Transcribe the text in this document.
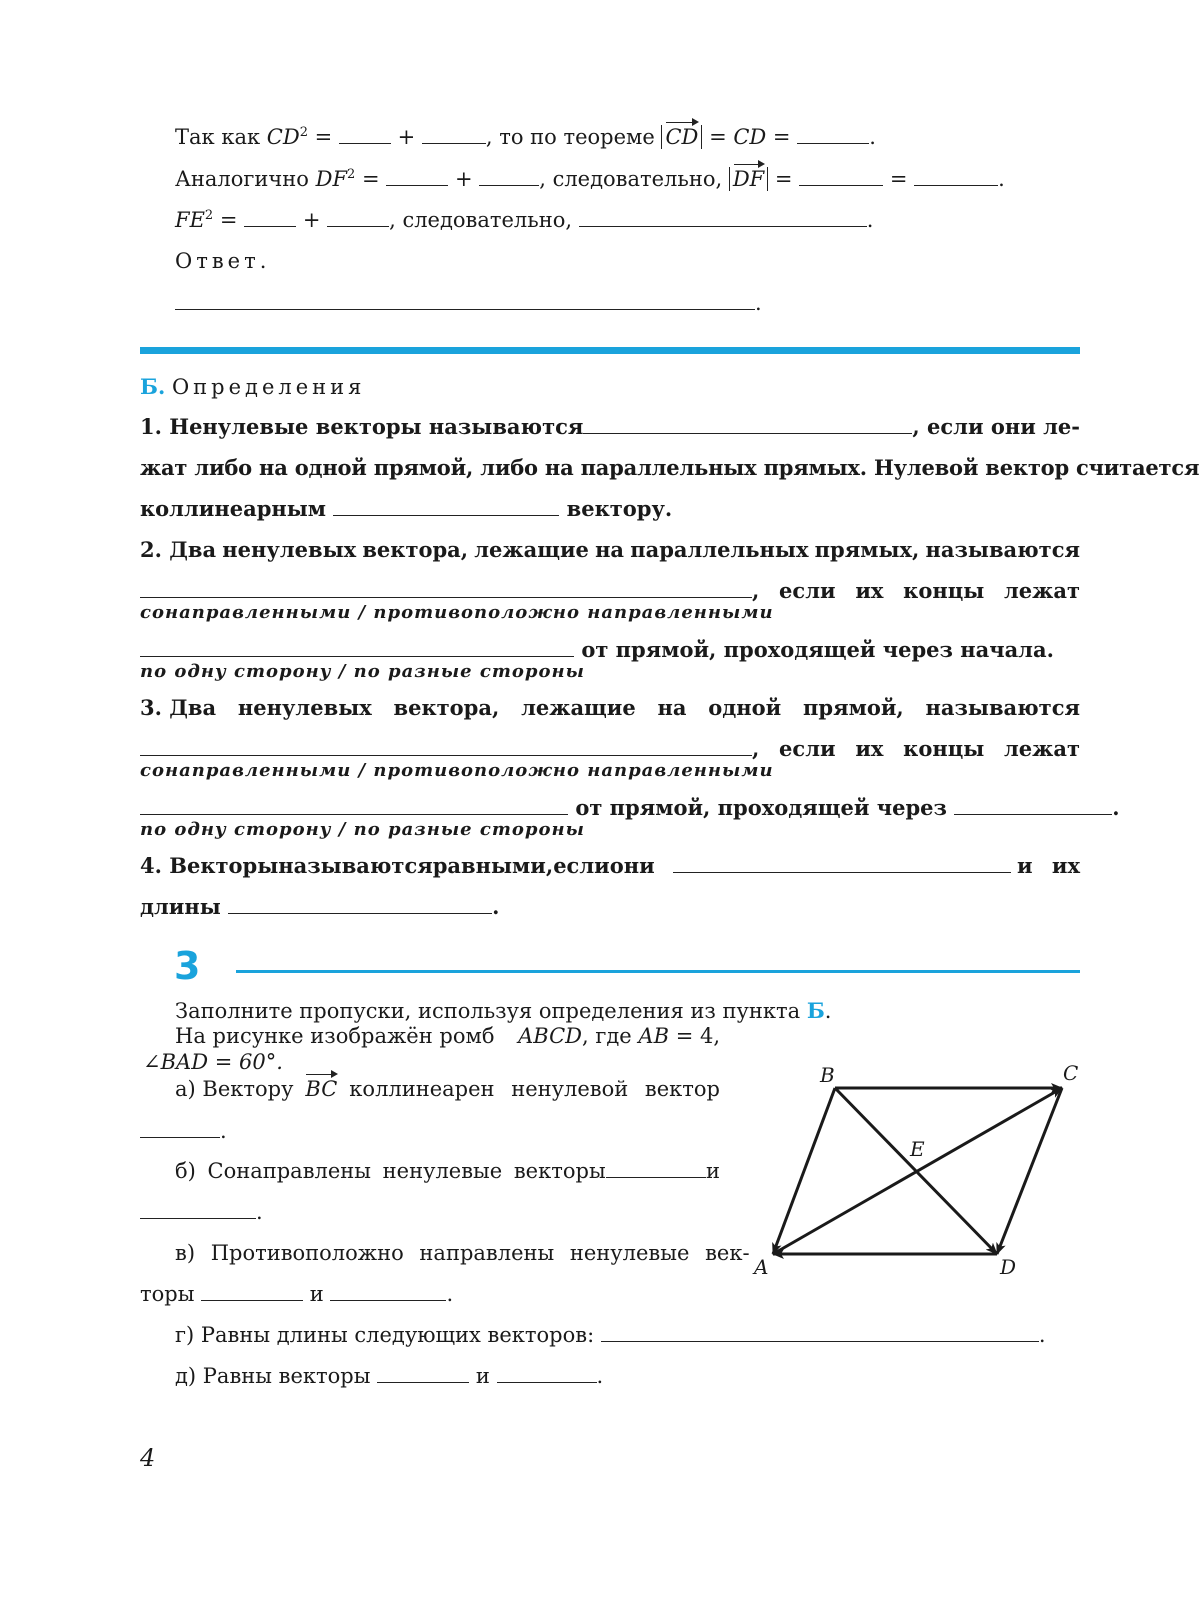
Так как $CD^2$ =  +	, то по теореме CD = CD =	.
Аналогично $DF^2$ =	+	, следовательно, DF =	=	.
$FE^2$ =  +	, следовательно,	.
Ответ.
.
Б. Определения
1. Ненулевые векторы называются	, если они ле-
жат либо на одной прямой, либо на параллельных прямых. Нулевой вектор считается
коллинеарным	вектору.
2. Два ненулевых вектора, лежащие на параллельных прямых, называются
, если их концы лежат
сонаправленными / противоположно направленными
от прямой, проходящей через начала.
по одну сторону / по разные стороны
3. Два ненулевых вектора, лежащие на одной прямой, называются
, если их концы лежат
сонаправленными / противоположно направленными
от прямой, проходящей через	.
по одну сторону / по разные стороны
4. Векторы называются равными, если они	и их
длины	.
3
Заполните пропуски, используя определения из пункта Б.
На рисунке изображён ромб ABCD, где AB = 4,
∠BAD = 60°.
а) Вектору BC коллинеарен ненулевой вектор
.
б) Сонаправлены ненулевые векторы	и
.
в) Противоположно направлены ненулевые век-
торы	и	.
г) Равны длины следующих векторов:	.
д) Равны векторы	и	.
A
B	C
D
E
4
